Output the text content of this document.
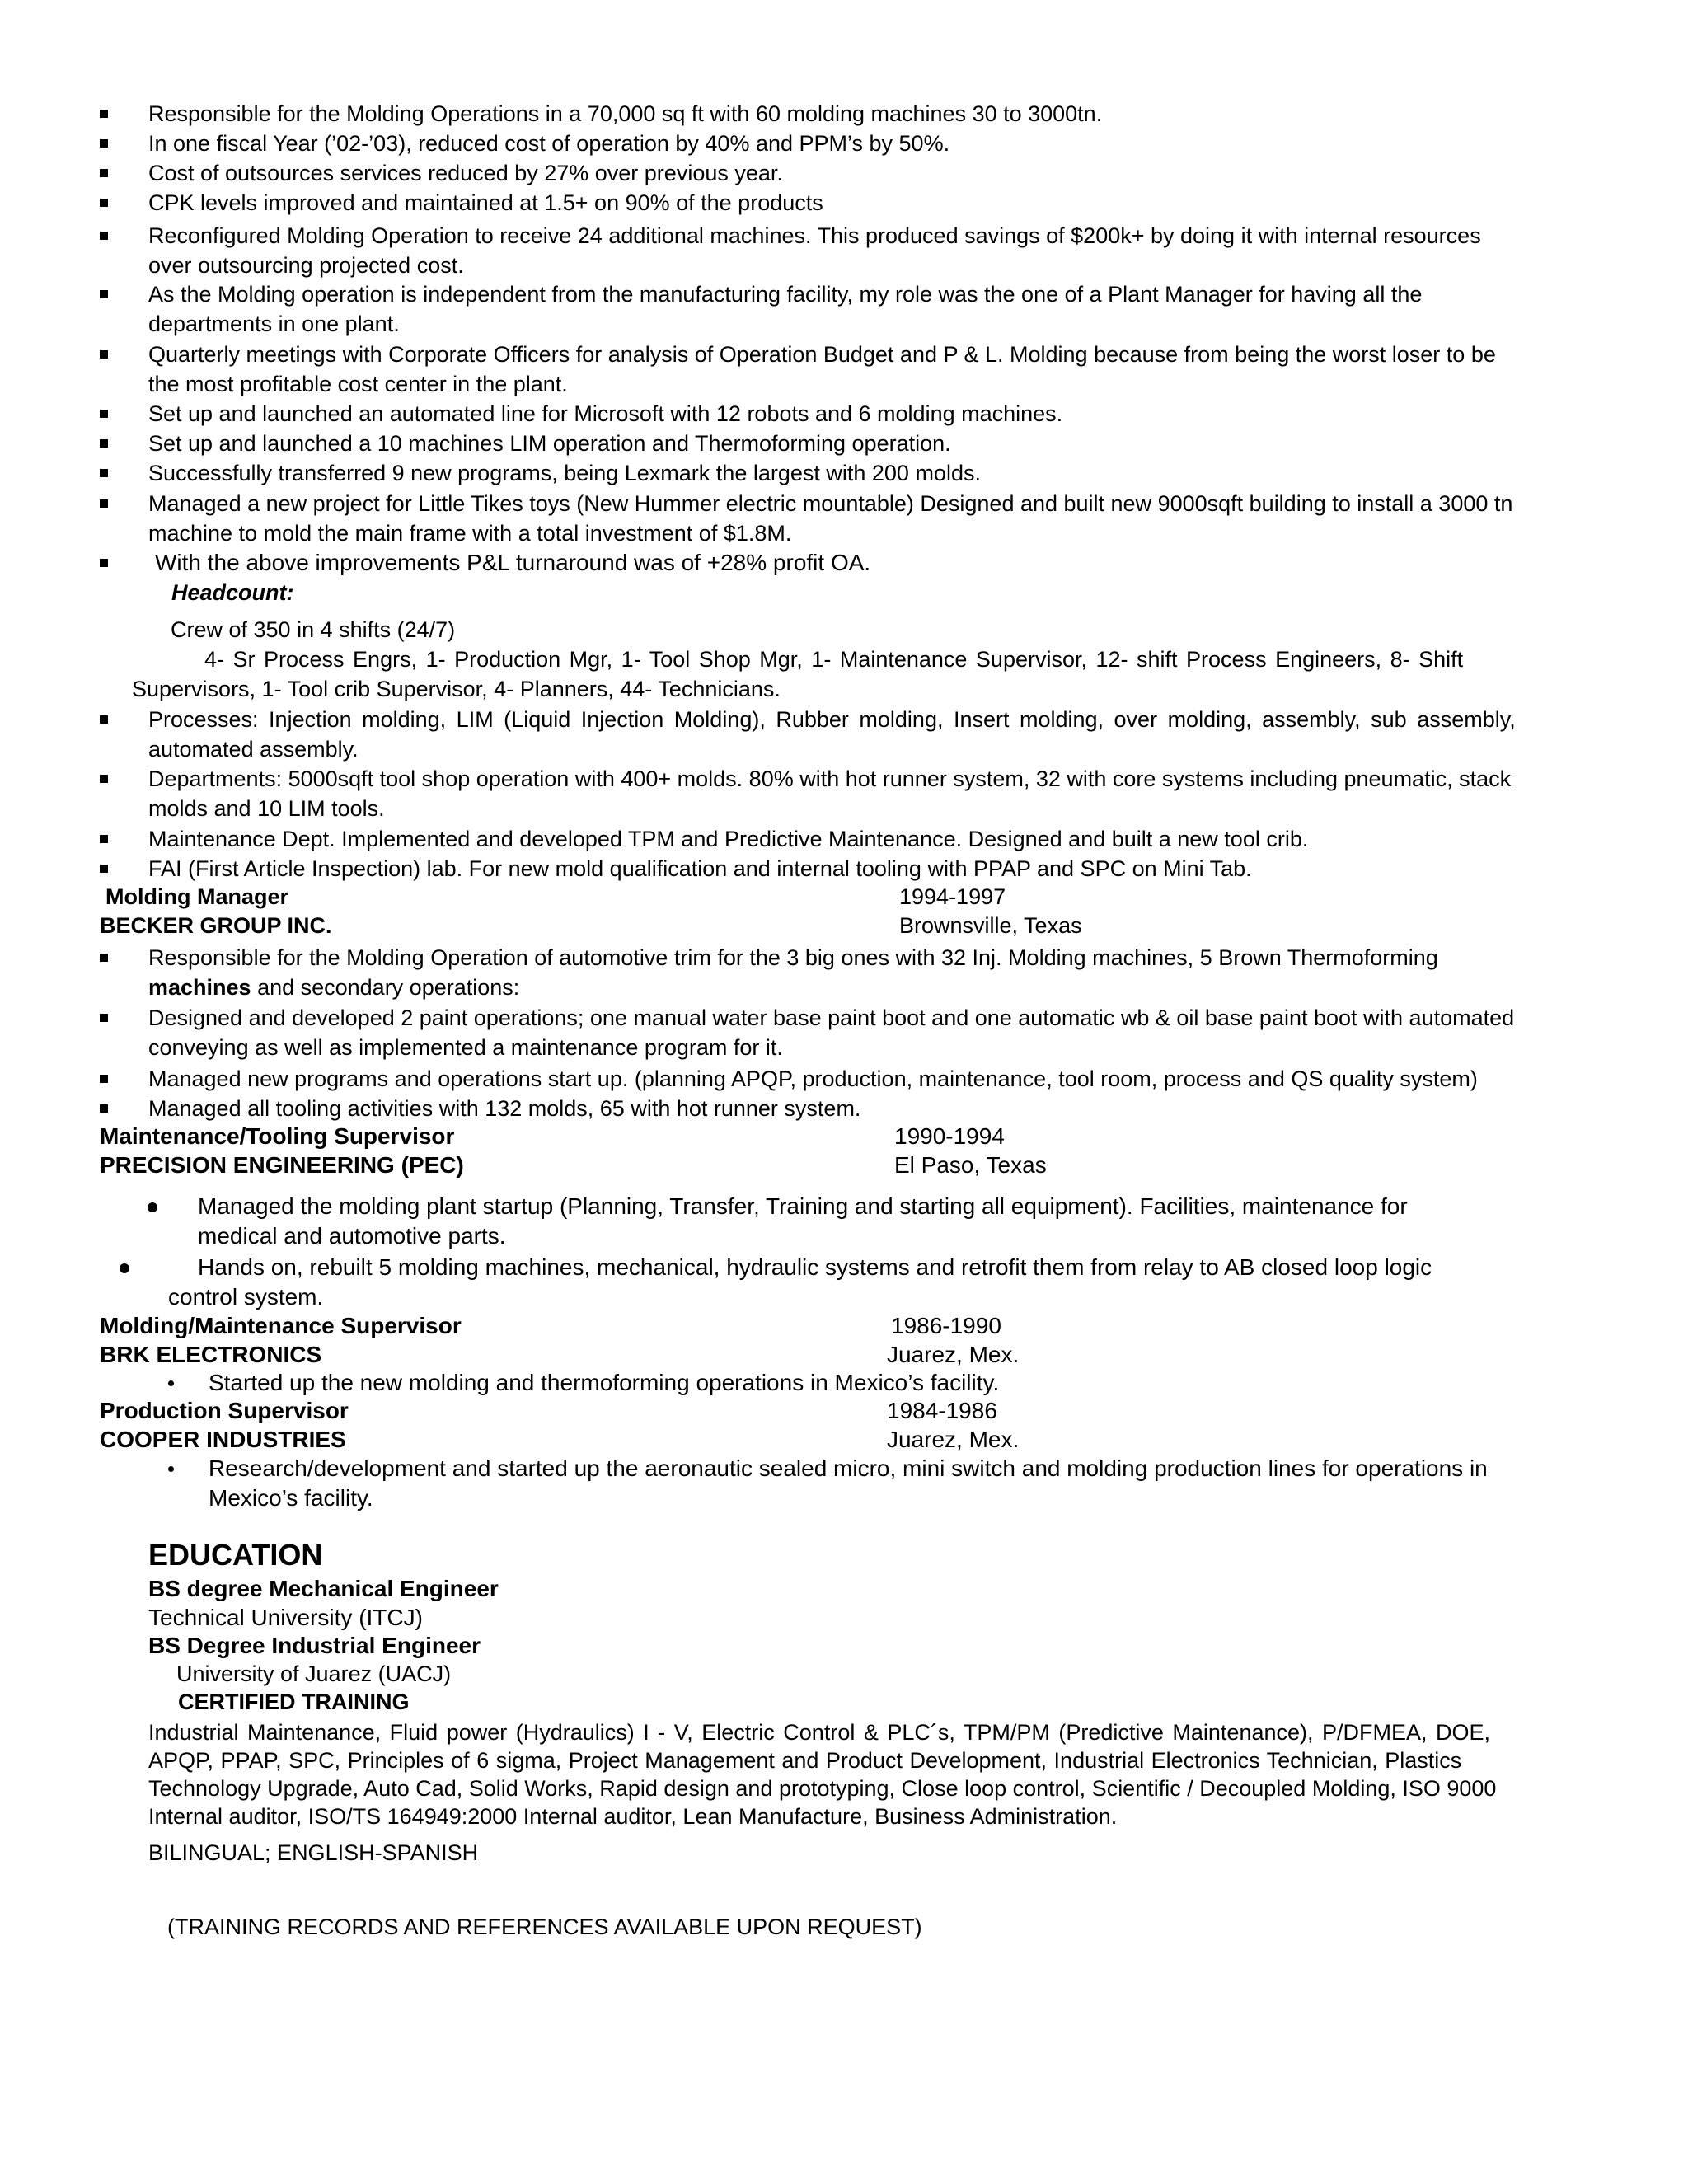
Responsible for the Molding Operations in a 70,000 sq ft with 60 molding machines 30 to 3000tn.
In one fiscal Year (’02-’03), reduced cost of operation by 40% and PPM’s by 50%.
Cost of outsources services reduced by 27% over previous year.
CPK levels improved and maintained at 1.5+ on 90% of the products
Reconfigured Molding Operation to receive 24 additional machines. This produced savings of $200k+ by doing it with internal resources
over outsourcing projected cost.
As the Molding operation is independent from the manufacturing facility, my role was the one of a Plant Manager for having all the
departments in one plant.
Quarterly meetings with Corporate Officers for analysis of Operation Budget and P & L. Molding because from being the worst loser to be
the most profitable cost center in the plant.
Set up and launched an automated line for Microsoft with 12 robots and 6 molding machines.
Set up and launched a 10 machines LIM operation and Thermoforming operation.
Successfully transferred 9 new programs, being Lexmark the largest with 200 molds.
Managed a new project for Little Tikes toys (New Hummer electric mountable) Designed and built new 9000sqft building to install a 3000 tn
machine to mold the main frame with a total investment of $1.8M.
With the above improvements P&L turnaround was of +28% profit OA.
Headcount:
Crew of 350 in 4 shifts (24/7)
4- Sr Process Engrs, 1- Production Mgr, 1- Tool Shop Mgr, 1- Maintenance Supervisor, 12- shift Process Engineers, 8- Shift
Supervisors, 1- Tool crib Supervisor, 4- Planners, 44- Technicians.
Processes: Injection molding, LIM (Liquid Injection Molding), Rubber molding, Insert molding, over molding, assembly, sub assembly,
automated assembly.
Departments: 5000sqft tool shop operation with 400+ molds. 80% with hot runner system, 32 with core systems including pneumatic, stack
molds and 10 LIM tools.
Maintenance Dept. Implemented and developed TPM and Predictive Maintenance. Designed and built a new tool crib.
FAI (First Article Inspection) lab. For new mold qualification and internal tooling with PPAP and SPC on Mini Tab.
Molding Manager	1994-1997
BECKER GROUP INC.	Brownsville, Texas
Responsible for the Molding Operation of automotive trim for the 3 big ones with 32 Inj. Molding machines, 5 Brown Thermoforming
machines and secondary operations:
Designed and developed 2 paint operations; one manual water base paint boot and one automatic wb & oil base paint boot with automated
conveying as well as implemented a maintenance program for it.
Managed new programs and operations start up. (planning APQP, production, maintenance, tool room, process and QS quality system)
Managed all tooling activities with 132 molds, 65 with hot runner system.
Maintenance/Tooling Supervisor	1990-1994
PRECISION ENGINEERING (PEC)	El Paso, Texas
Managed the molding plant startup (Planning, Transfer, Training and starting all equipment). Facilities, maintenance for
medical and automotive parts.
Hands on, rebuilt 5 molding machines, mechanical, hydraulic systems and retrofit them from relay to AB closed loop logic
control system.
Molding/Maintenance Supervisor	1986-1990
BRK ELECTRONICS	Juarez, Mex.
Started up the new molding and thermoforming operations in Mexico’s facility.
Production Supervisor	1984-1986
COOPER INDUSTRIES	Juarez, Mex.
Research/development and started up the aeronautic sealed micro, mini switch and molding production lines for operations in
Mexico’s facility.
EDUCATION
BS degree Mechanical Engineer
Technical University (ITCJ)
BS Degree Industrial Engineer
University of Juarez (UACJ)
CERTIFIED TRAINING
Industrial Maintenance, Fluid power (Hydraulics) I - V, Electric Control & PLC´s, TPM/PM (Predictive Maintenance), P/DFMEA, DOE,
APQP, PPAP, SPC, Principles of 6 sigma, Project Management and Product Development, Industrial Electronics Technician, Plastics
Technology Upgrade, Auto Cad, Solid Works, Rapid design and prototyping, Close loop control, Scientific / Decoupled Molding, ISO 9000
Internal auditor, ISO/TS 164949:2000 Internal auditor, Lean Manufacture, Business Administration.
BILINGUAL; ENGLISH-SPANISH
(TRAINING RECORDS AND REFERENCES AVAILABLE UPON REQUEST)
